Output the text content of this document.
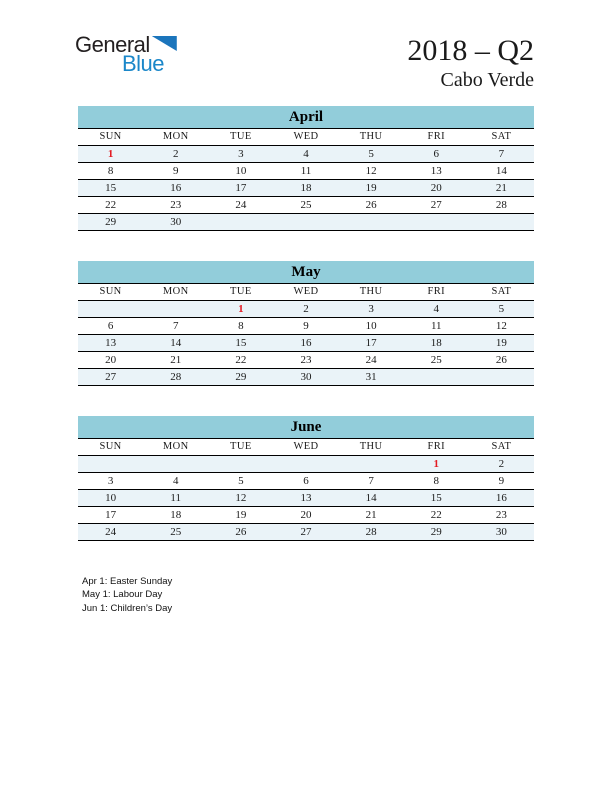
General
Blue	2018 – Q2
Cabo Verde
April
SUN	MON	TUE	WED	THU	FRI	SAT
1	2	3	4	5	6	7
8	9	10	11	12	13	14
15	16	17	18	19	20	21
22	23	24	25	26	27	28
29	30					
May
SUN	MON	TUE	WED	THU	FRI	SAT
		1	2	3	4	5
6	7	8	9	10	11	12
13	14	15	16	17	18	19
20	21	22	23	24	25	26
27	28	29	30	31		
June
SUN	MON	TUE	WED	THU	FRI	SAT
					1	2
3	4	5	6	7	8	9
10	11	12	13	14	15	16
17	18	19	20	21	22	23
24	25	26	27	28	29	30
Apr 1: Easter Sunday
May 1: Labour Day
Jun 1: Children’s Day
